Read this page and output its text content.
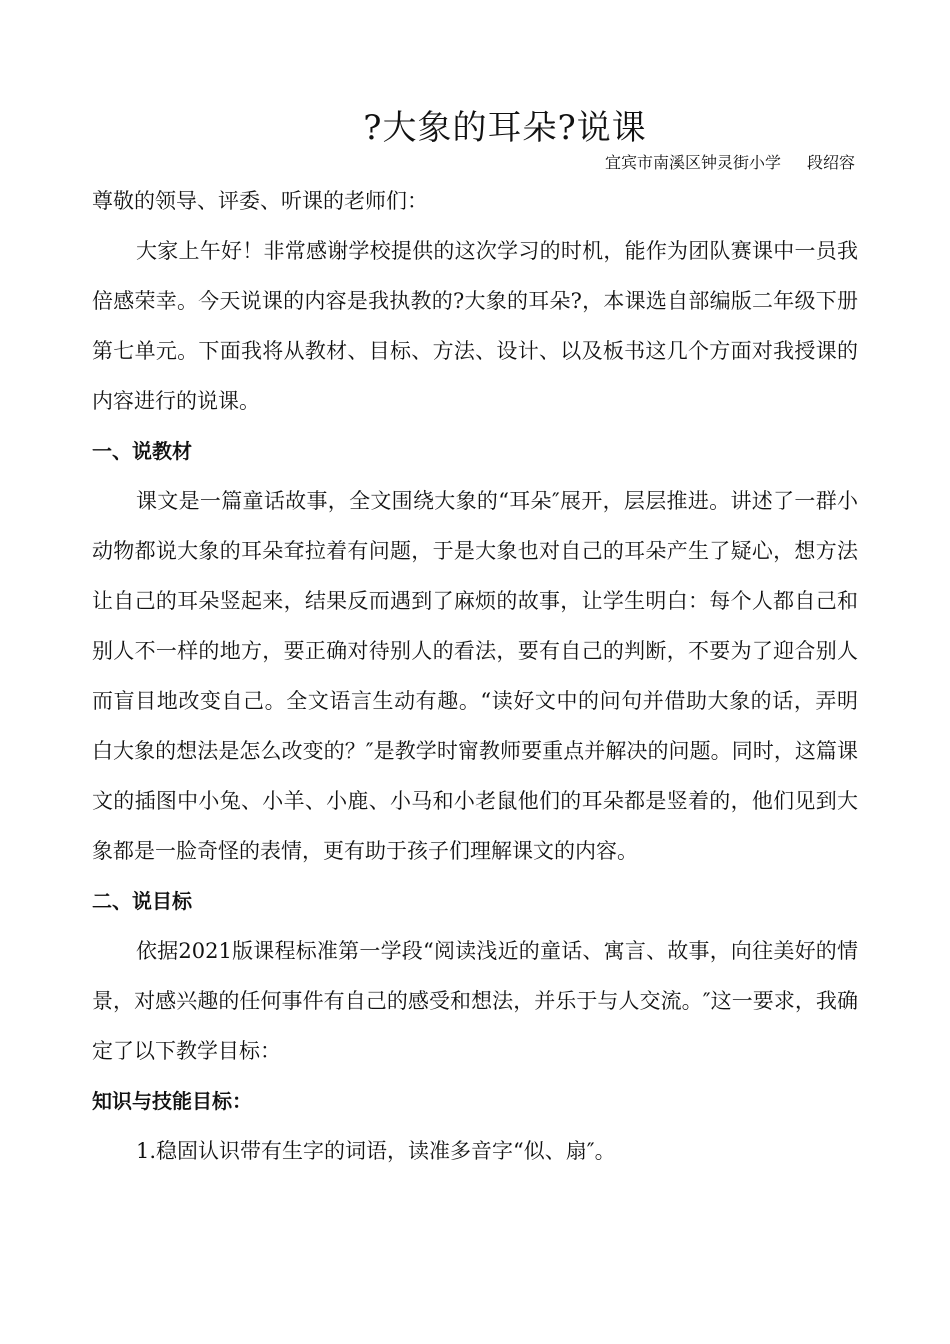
?大象的耳朵?说课
宜宾市南溪区钟灵街小学 段绍容

尊敬的领导、评委、听课的老师们：

大家上午好！非常感谢学校提供的这次学习的时机，能作为团队赛课中一员我倍感荣幸。今天说课的内容是我执教的?大象的耳朵?，本课选自部编版二年级下册第七单元。下面我将从教材、目标、方法、设计、以及板书这几个方面对我授课的内容进行的说课。

一、说教材

课文是一篇童话故事，全文围绕大象的“耳朵″展开，层层推进。讲述了一群小动物都说大象的耳朵耷拉着有问题，于是大象也对自己的耳朵产生了疑心，想方法让自己的耳朵竖起来，结果反而遇到了麻烦的故事，让学生明白：每个人都自己和别人不一样的地方，要正确对待别人的看法，要有自己的判断，不要为了迎合别人而盲目地改变自己。全文语言生动有趣。“读好文中的问句并借助大象的话，弄明白大象的想法是怎么改变的？″是教学时甯教师要重点并解决的问题。同时，这篇课文的插图中小兔、小羊、小鹿、小马和小老鼠他们的耳朵都是竖着的，他们见到大象都是一脸奇怪的表情，更有助于孩子们理解课文的内容。

二、说目标

依据2021版课程标准第一学段“阅读浅近的童话、寓言、故事，向往美好的情景，对感兴趣的任何事件有自己的感受和想法，并乐于与人交流。″这一要求，我确定了以下教学目标：

知识与技能目标：

1.稳固认识带有生字的词语，读准多音字“似、扇″。
